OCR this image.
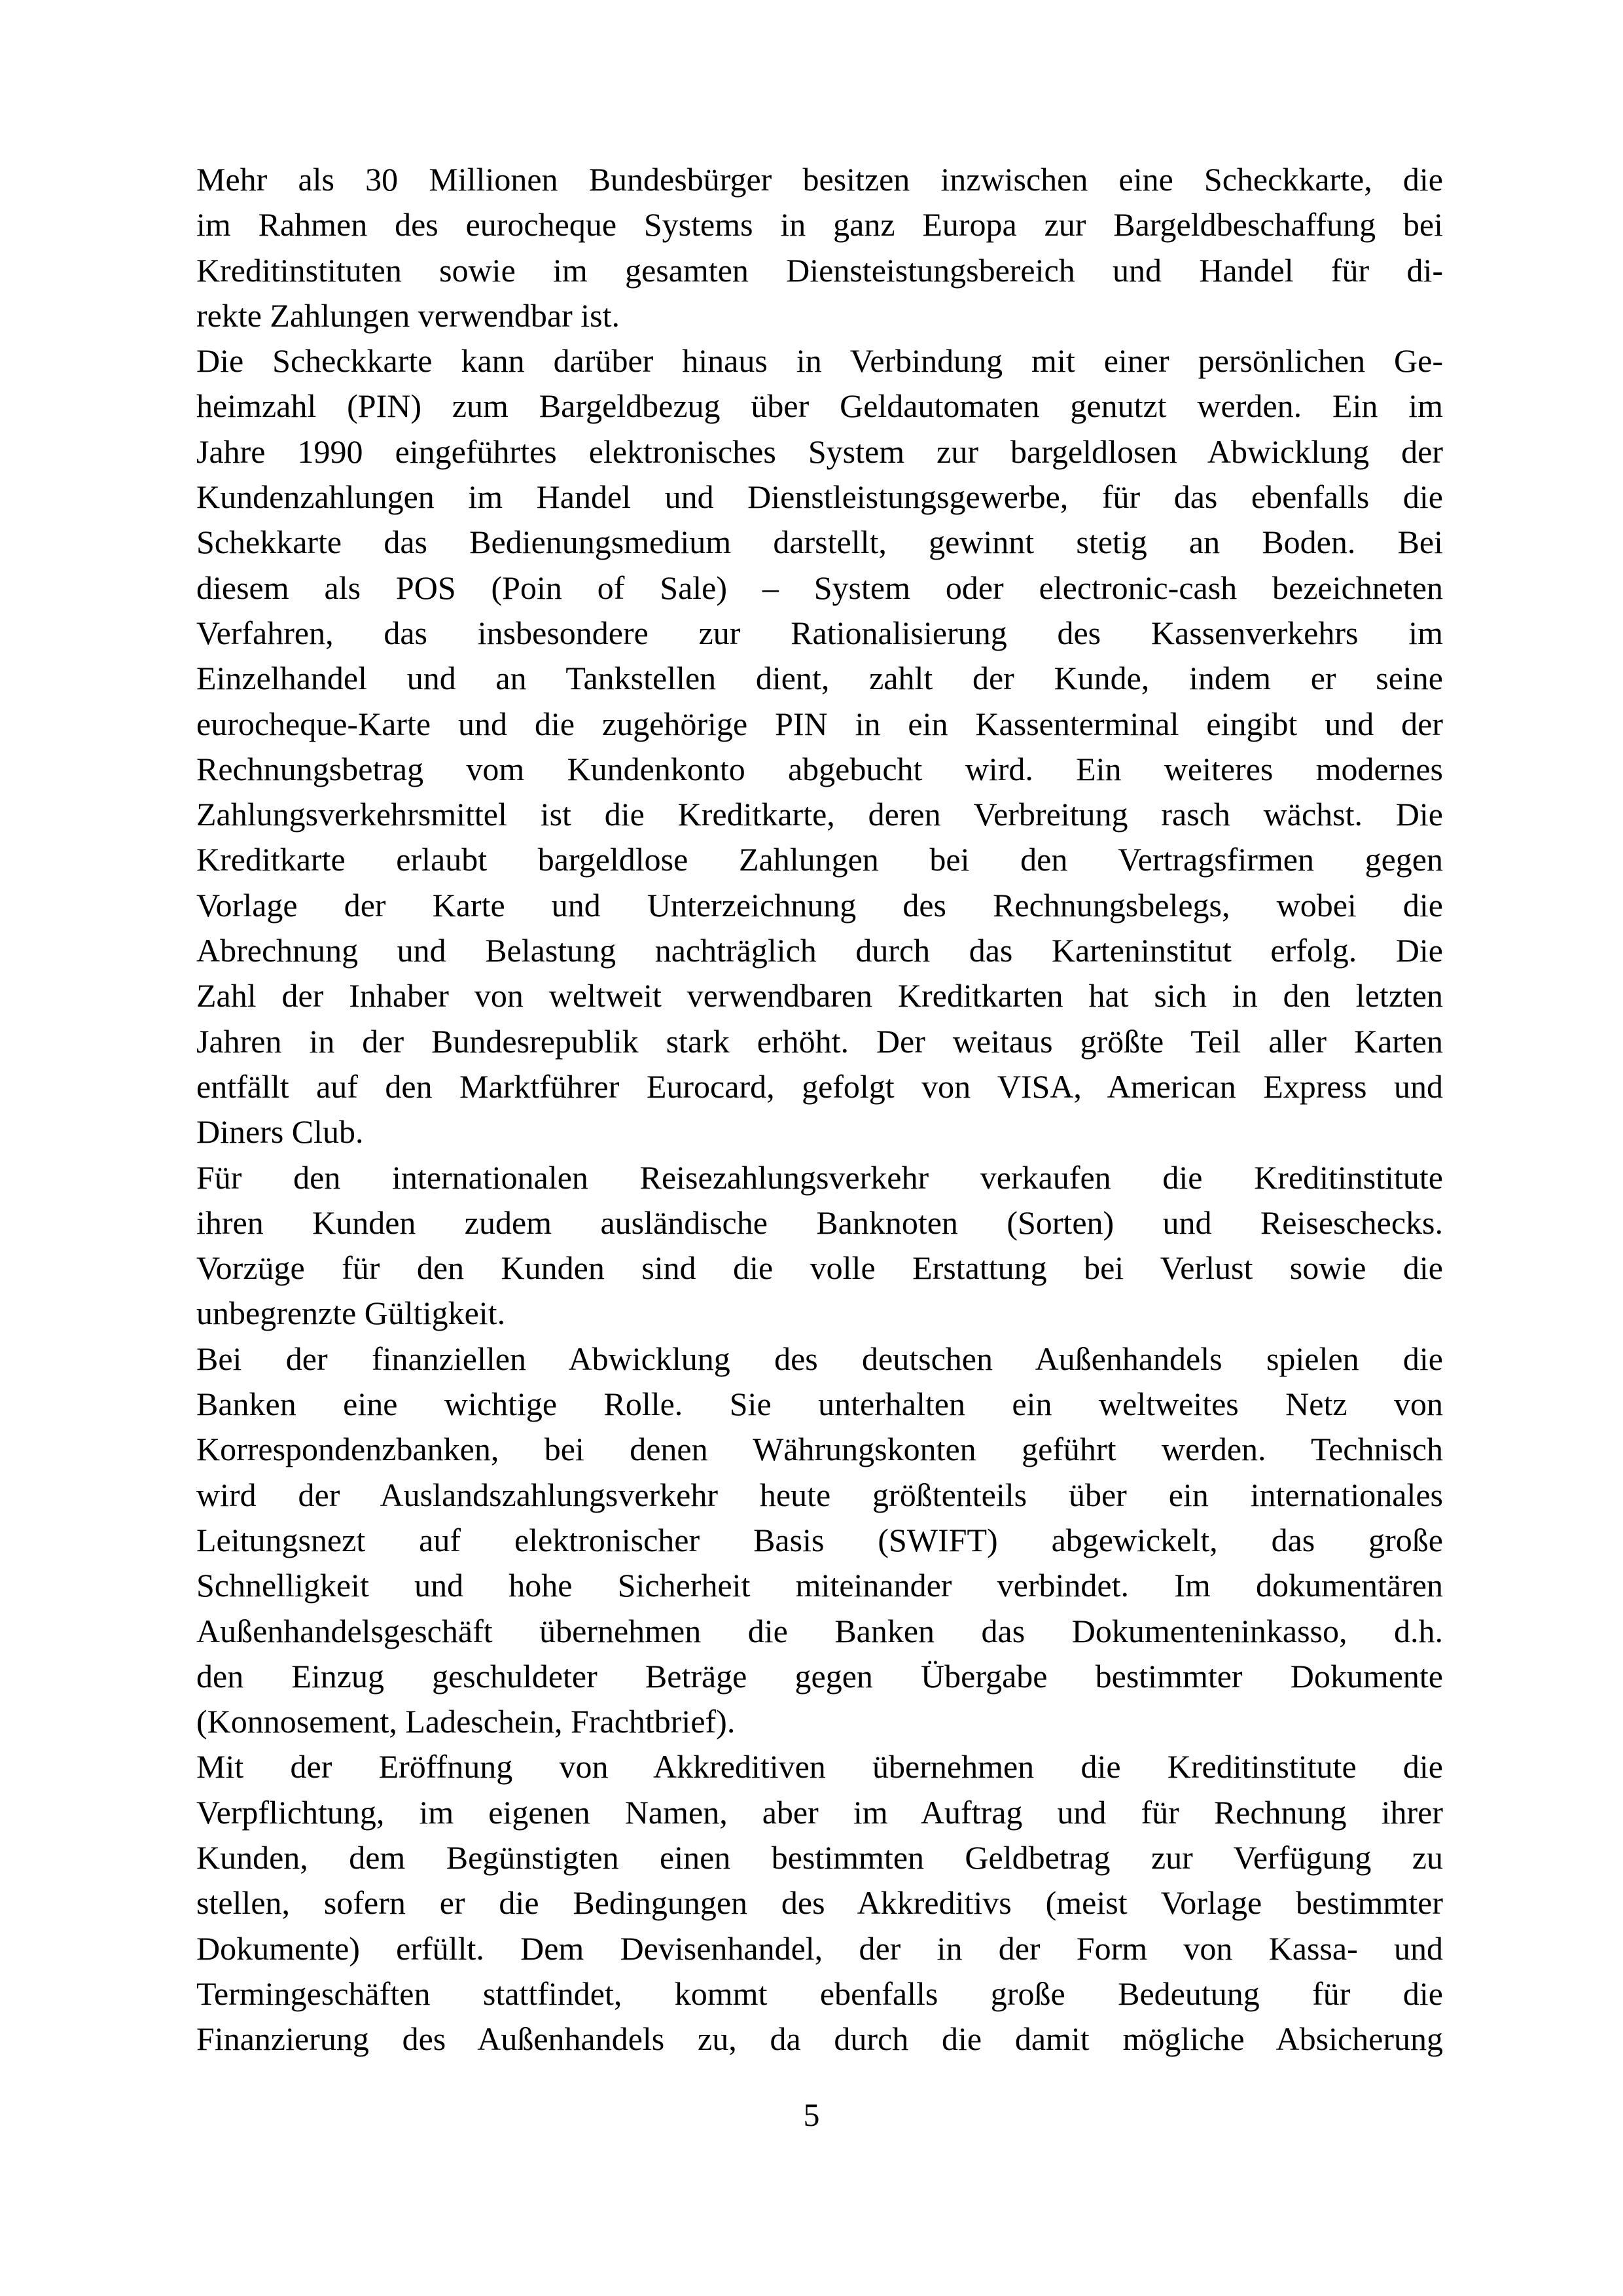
Mehr als 30 Millionen Bundesbürger besitzen inzwischen eine Scheckkarte, die
im Rahmen des eurocheque Systems in ganz Europa zur Bargeldbeschaffung bei
Kreditinstituten sowie im gesamten Diensteistungsbereich und Handel für di-
rekte Zahlungen verwendbar ist.
Die Scheckkarte kann darüber hinaus in Verbindung mit einer persönlichen Ge-
heimzahl (PIN) zum Bargeldbezug über Geldautomaten genutzt werden. Ein im
Jahre 1990 eingeführtes elektronisches System zur bargeldlosen Abwicklung der
Kundenzahlungen im Handel und Dienstleistungsgewerbe, für das ebenfalls die
Schekkarte das Bedienungsmedium darstellt, gewinnt stetig an Boden. Bei
diesem als POS (Poin of Sale) – System oder electronic-cash bezeichneten
Verfahren, das insbesondere zur Rationalisierung des Kassenverkehrs im
Einzelhandel und an Tankstellen dient, zahlt der Kunde, indem er seine
eurocheque-Karte und die zugehörige PIN in ein Kassenterminal eingibt und der
Rechnungsbetrag vom Kundenkonto abgebucht wird. Ein weiteres modernes
Zahlungsverkehrsmittel ist die Kreditkarte, deren Verbreitung rasch wächst. Die
Kreditkarte erlaubt bargeldlose Zahlungen bei den Vertragsfirmen gegen
Vorlage der Karte und Unterzeichnung des Rechnungsbelegs, wobei die
Abrechnung und Belastung nachträglich durch das Karteninstitut erfolg. Die
Zahl der Inhaber von weltweit verwendbaren Kreditkarten hat sich in den letzten
Jahren in der Bundesrepublik stark erhöht. Der weitaus größte Teil aller Karten
entfällt auf den Marktführer Eurocard, gefolgt von VISA, American Express und
Diners Club.
Für den internationalen Reisezahlungsverkehr verkaufen die Kreditinstitute
ihren Kunden zudem ausländische Banknoten (Sorten) und Reiseschecks.
Vorzüge für den Kunden sind die volle Erstattung bei Verlust sowie die
unbegrenzte Gültigkeit.
Bei der finanziellen Abwicklung des deutschen Außenhandels spielen die
Banken eine wichtige Rolle. Sie unterhalten ein weltweites Netz von
Korrespondenzbanken, bei denen Währungskonten geführt werden. Technisch
wird der Auslandszahlungsverkehr heute größtenteils über ein internationales
Leitungsnezt auf elektronischer Basis (SWIFT) abgewickelt, das große
Schnelligkeit und hohe Sicherheit miteinander verbindet. Im dokumentären
Außenhandelsgeschäft übernehmen die Banken das Dokumenteninkasso, d.h.
den Einzug geschuldeter Beträge gegen Übergabe bestimmter Dokumente
(Konnosement, Ladeschein, Frachtbrief).
Mit der Eröffnung von Akkreditiven übernehmen die Kreditinstitute die
Verpflichtung, im eigenen Namen, aber im Auftrag und für Rechnung ihrer
Kunden, dem Begünstigten einen bestimmten Geldbetrag zur Verfügung zu
stellen, sofern er die Bedingungen des Akkreditivs (meist Vorlage bestimmter
Dokumente) erfüllt. Dem Devisenhandel, der in der Form von Kassa- und
Termingeschäften stattfindet, kommt ebenfalls große Bedeutung für die
Finanzierung des Außenhandels zu, da durch die damit mögliche Absicherung
5
